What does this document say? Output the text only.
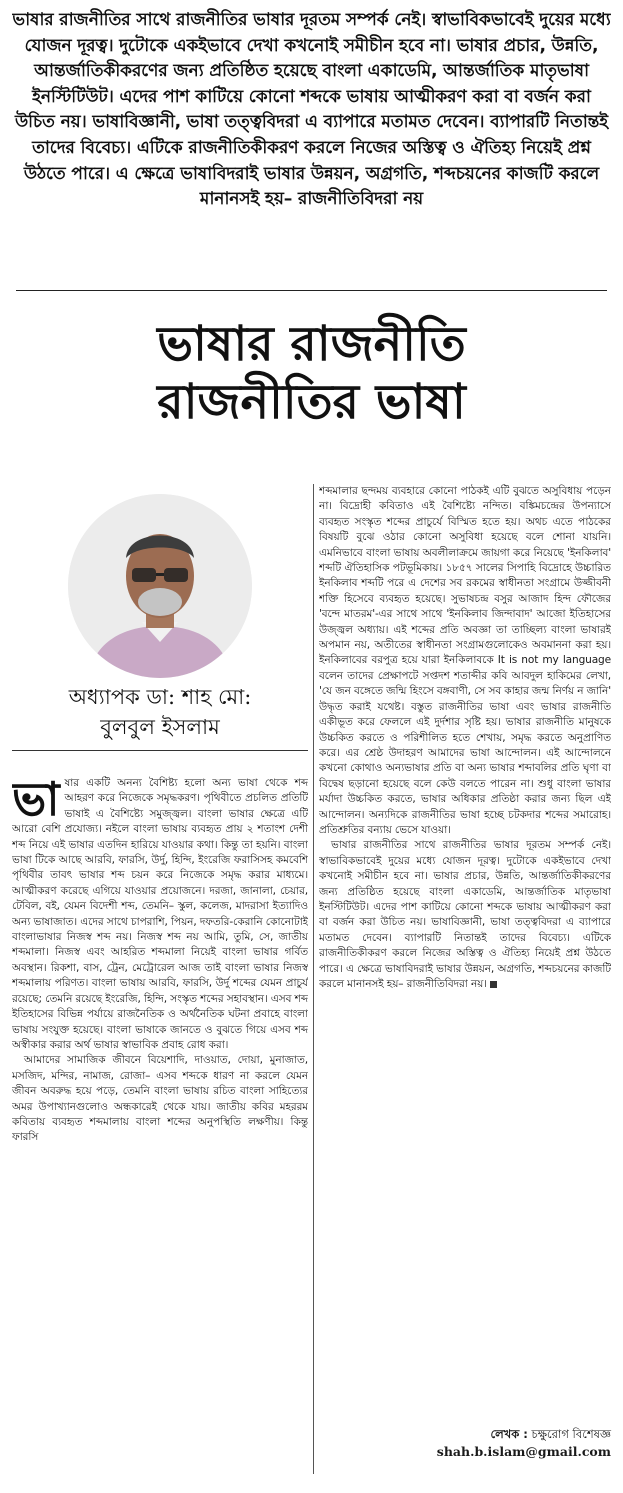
ভাষার রাজনীতির সাথে রাজনীতির ভাষার দূরতম সম্পর্ক নেই। স্বাভাবিকভাবেই দুয়ের মধ্যে যোজন দূরত্ব। দুটোকে একইভাবে দেখা কখনোই সমীচীন হবে না। ভাষার প্রচার, উন্নতি, আন্তর্জাতিকীকরণের জন্য প্রতিষ্ঠিত হয়েছে বাংলা একাডেমি, আন্তর্জাতিক মাতৃভাষা ইনস্টিটিউট। এদের পাশ কাটিয়ে কোনো শব্দকে ভাষায় আত্মীকরণ করা বা বর্জন করা উচিত নয়। ভাষাবিজ্ঞানী, ভাষা তত্ত্ববিদরা এ ব্যাপারে মতামত দেবেন। ব্যাপারটি নিতান্তই তাদের বিবেচ্য। এটিকে রাজনীতিকীকরণ করলে নিজের অস্তিত্ব ও ঐতিহ্য নিয়েই প্রশ্ন উঠতে পারে। এ ক্ষেত্রে ভাষাবিদরাই ভাষার উন্নয়ন, অগ্রগতি, শব্দচয়নের কাজটি করলে মানানসই হয়– রাজনীতিবিদরা নয়
ভাষার রাজনীতি
রাজনীতির ভাষা
অধ্যাপক ডা: শাহ মো:
বুলবুল ইসলাম

ভাষার একটি অনন্য বৈশিষ্ট্য হলো অন্য ভাষা থেকে শব্দ আহরণ করে নিজেকে সমৃদ্ধকরণ। পৃথিবীতে প্রচলিত প্রতিটি ভাষাই এ বৈশিষ্ট্যে সমুজ্জ্বল। বাংলা ভাষার ক্ষেত্রে এটি আরো বেশি প্রযোজ্য। নইলে বাংলা ভাষায় ব্যবহৃত প্রায় ২ শতাংশ দেশী শব্দ নিয়ে এই ভাষার এতদিন হারিয়ে যাওয়ার কথা। কিন্তু তা হয়নি। বাংলা ভাষা টিকে আছে আরবি, ফারসি, উর্দু, হিন্দি, ইংরেজি ফরাসিসহ কমবেশি পৃথিবীর তাবৎ ভাষার শব্দ চয়ন করে নিজেকে সমৃদ্ধ করার মাধ্যমে। আত্মীকরণ করেছে এগিয়ে যাওয়ার প্রয়োজনে। দরজা, জানালা, চেয়ার, টেবিল, বই, যেমন বিদেশী শব্দ, তেমনি– স্কুল, কলেজ, মাদরাসা ইত্যাদিও অন্য ভাষাজাত। এদের সাথে চাপরাশি, পিয়ন, দফতরি-কেরানি কোনোটাই বাংলাভাষার নিজস্ব শব্দ নয়। নিজস্ব শব্দ নয় আমি, তুমি, সে, জাতীয় শব্দমালা। নিজস্ব এবং আহরিত শব্দমালা নিয়েই বাংলা ভাষার গর্বিত অবস্থান। রিকশা, বাস, ট্রেন, মেট্রোরেল আজ তাই বাংলা ভাষার নিজস্ব শব্দমালায় পরিণত। বাংলা ভাষায় আরবি, ফারসি, উর্দু শব্দের যেমন প্রাচুর্য রয়েছে; তেমনি রয়েছে ইংরেজি, হিন্দি, সংস্কৃত শব্দের সহাবস্থান। এসব শব্দ ইতিহাসের বিভিন্ন পর্যায়ে রাজনৈতিক ও অর্থনৈতিক ঘটনা প্রবাহে বাংলা ভাষায় সংযুক্ত হয়েছে। বাংলা ভাষাকে জানতে ও বুঝতে গিয়ে এসব শব্দ অস্বীকার করার অর্থ ভাষার স্বাভাবিক প্রবাহ রোধ করা।

আমাদের সামাজিক জীবনে বিয়েশাদি, দাওয়াত, দোয়া, মুনাজাত, মসজিদ, মন্দির, নামাজ, রোজা– এসব শব্দকে ধারণ না করলে যেমন জীবন অবরুদ্ধ হয়ে পড়ে, তেমনি বাংলা ভাষায় রচিত বাংলা সাহিত্যের অমর উপাখ্যানগুলোও অন্ধকারেই থেকে যায়। জাতীয় কবির মহররম কবিতায় ব্যবহৃত শব্দমালায় বাংলা শব্দের অনুপস্থিতি লক্ষণীয়। কিন্তু ফারসি

শব্দমালার ছন্দময় ব্যবহারে কোনো পাঠকই এটি বুঝতে অসুবিধায় পড়েন না। বিদ্রোহী কবিতাও এই বৈশিষ্ট্যে নন্দিত। বঙ্কিমচন্দ্রের উপন্যাসে ব্যবহৃত সংস্কৃত শব্দের প্রাচুর্যে বিস্মিত হতে হয়। অথচ এতে পাঠকের বিষয়টি বুঝে ওঠার কোনো অসুবিধা হয়েছে বলে শোনা যায়নি। এমনিভাবে বাংলা ভাষায় অবলীলাক্রমে জায়গা করে নিয়েছে 'ইনকিলাব' শব্দটি ঐতিহাসিক পটভূমিকায়। ১৮৫৭ সালের সিপাহি বিদ্রোহে উচ্চারিত ইনকিলাব শব্দটি পরে এ দেশের সব রকমের স্বাধীনতা সংগ্রামে উজ্জীবনী শক্তি হিসেবে ব্যবহৃত হয়েছে। সুভাষচন্দ্র বসুর আজাদ হিন্দ ফৌজের 'বন্দে মাতরম'-এর সাথে সাথে 'ইনকিলাব জিন্দাবাদ' আজো ইতিহাসের উজ্জ্বল অধ্যায়। এই শব্দের প্রতি অবজ্ঞা তা তাচ্ছিল্য বাংলা ভাষারই অপমান নয়, অতীতের স্বাধীনতা সংগ্রামগুলোকেও অবমাননা করা হয়। ইনকিলাবের বরপুত্র হয়ে যারা ইনকিলাবকে It is not my language বলেন তাদের প্রেক্ষাপটে সপ্তদশ শতাব্দীর কবি আবদুল হাকিমের লেখা, 'যে জন বঙ্গেতে জন্মি হিংসে বঙ্গবাণী, সে সব কাহার জন্ম নির্ণয় ন জানি' উদ্ধৃত করাই যথেষ্ট। বস্তুত রাজনীতির ভাষা এবং ভাষার রাজনীতি একীভূত করে ফেললে এই দুর্দশার সৃষ্টি হয়। ভাষার রাজনীতি মানুষকে উচ্চকিত করতে ও পরিশীলিত হতে শেখায়, সমৃদ্ধ করতে অনুপ্রাণিত করে। এর শ্রেষ্ঠ উদাহরণ আমাদের ভাষা আন্দোলন। এই আন্দোলনে কখনো কোথাও অন্যভাষার প্রতি বা অন্য ভাষার শব্দাবলির প্রতি ঘৃণা বা বিদ্বেষ ছড়ানো হয়েছে বলে কেউ বলতে পারেন না। শুধু বাংলা ভাষার মর্যাদা উচ্চকিত করতে, ভাষার অধিকার প্রতিষ্ঠা করার জন্য ছিল এই আন্দোলন। অন্যদিকে রাজনীতির ভাষা হচ্ছে চটকদার শব্দের সমারোহ। প্রতিশ্রুতির বন্যায় ভেসে যাওয়া।

ভাষার রাজনীতির সাথে রাজনীতির ভাষার দূরতম সম্পর্ক নেই। স্বাভাবিকভাবেই দুয়ের মধ্যে যোজন দূরত্ব। দুটোকে একইভাবে দেখা কখনোই সমীচীন হবে না। ভাষার প্রচার, উন্নতি, আন্তর্জাতিকীকরণের জন্য প্রতিষ্ঠিত হয়েছে বাংলা একাডেমি, আন্তর্জাতিক মাতৃভাষা ইনস্টিটিউট। এদের পাশ কাটিয়ে কোনো শব্দকে ভাষায় আত্মীকরণ করা বা বর্জন করা উচিত নয়। ভাষাবিজ্ঞানী, ভাষা তত্ত্ববিদরা এ ব্যাপারে মতামত দেবেন। ব্যাপারটি নিতান্তই তাদের বিবেচ্য। এটিকে রাজনীতিকীকরণ করলে নিজের অস্তিত্ব ও ঐতিহ্য নিয়েই প্রশ্ন উঠতে পারে। এ ক্ষেত্রে ভাষাবিদরাই ভাষার উন্নয়ন, অগ্রগতি, শব্দচয়নের কাজটি করলে মানানসই হয়– রাজনীতিবিদরা নয়।

লেখক : চক্ষুরোগ বিশেষজ্ঞ
shah.b.islam@gmail.com
